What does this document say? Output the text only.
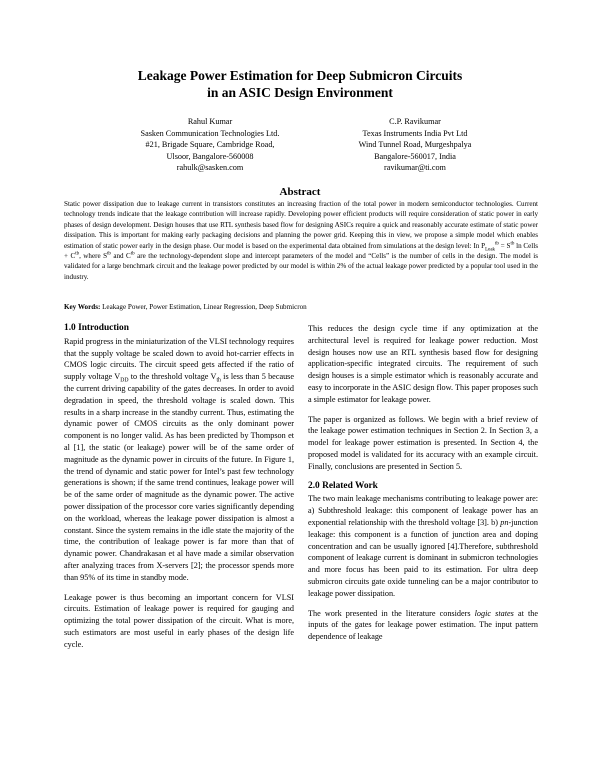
Leakage Power Estimation for Deep Submicron Circuits
in an ASIC Design Environment
Rahul Kumar
Sasken Communication Technologies Ltd.
#21, Brigade Square, Cambridge Road,
Ulsoor, Bangalore-560008
rahulk@sasken.com
C.P. Ravikumar
Texas Instruments India Pvt Ltd
Wind Tunnel Road, Murgeshpalya
Bangalore-560017, India
ravikumar@ti.com
Abstract
Static power dissipation due to leakage current in transistors constitutes an increasing fraction of the total power in modern semiconductor technologies. Current technology trends indicate that the leakage contribution will increase rapidly. Developing power efficient products will require consideration of static power in early phases of design development. Design houses that use RTL synthesis based flow for designing ASICs require a quick and reasonably accurate estimate of static power dissipation. This is important for making early packaging decisions and planning the power grid. Keeping this in view, we propose a simple model which enables estimation of static power early in the design phase. Our model is based on the experimental data obtained from simulations at the design level: In $P_{Leak}^{tb} = S^{tb}$ ln Cells + $C^{tb}$, where $S^{tb}$ and $C^{tb}$ are the technology-dependent slope and intercept parameters of the model and “Cells” is the number of cells in the design. The model is validated for a large benchmark circuit and the leakage power predicted by our model is within 2% of the actual leakage power predicted by a popular tool used in the industry.
Key Words: Leakage Power, Power Estimation, Linear Regression, Deep Submicron
1.0 Introduction

Rapid progress in the miniaturization of the VLSI technology requires that the supply voltage be scaled down to avoid hot-carrier effects in CMOS logic circuits. The circuit speed gets affected if the ratio of supply voltage $V_{DD}$ to the threshold voltage $V_{th}$ is less than 5 because the current driving capability of the gates decreases. In order to avoid degradation in speed, the threshold voltage is scaled down. This results in a sharp increase in the standby current. Thus, estimating the dynamic power of CMOS circuits as the only dominant power component is no longer valid. As has been predicted by Thompson et al [1], the static (or leakage) power will be of the same order of magnitude as the dynamic power in circuits of the future. In Figure 1, the trend of dynamic and static power for Intel’s past few technology generations is shown; if the same trend continues, leakage power will be of the same order of magnitude as the dynamic power. The active power dissipation of the processor core varies significantly depending on the workload, whereas the leakage power dissipation is almost a constant. Since the system remains in the idle state the majority of the time, the contribution of leakage power is far more than that of dynamic power. Chandrakasan et al have made a similar observation after analyzing traces from X-servers [2]; the processor spends more than 95% of its time in standby mode.

Leakage power is thus becoming an important concern for VLSI circuits. Estimation of leakage power is required for gauging and optimizing the total power dissipation of the circuit. What is more, such estimators are most useful in early phases of the design life cycle.

This reduces the design cycle time if any optimization at the architectural level is required for leakage power reduction. Most design houses now use an RTL synthesis based flow for designing application-specific integrated circuits. The requirement of such design houses is a simple estimator which is reasonably accurate and easy to incorporate in the ASIC design flow. This paper proposes such a simple estimator for leakage power.

The paper is organized as follows. We begin with a brief review of the leakage power estimation techniques in Section 2. In Section 3, a model for leakage power estimation is presented. In Section 4, the proposed model is validated for its accuracy with an example circuit. Finally, conclusions are presented in Section 5.

2.0 Related Work

The two main leakage mechanisms contributing to leakage power are: a) Subthreshold leakage: this component of leakage power has an exponential relationship with the threshold voltage [3]. b) pn-junction leakage: this component is a function of junction area and doping concentration and can be usually ignored [4].Therefore, subthreshold component of leakage current is dominant in submicron technologies and more focus has been paid to its estimation. For ultra deep submicron circuits gate oxide tunneling can be a major contributor to leakage power dissipation.

The work presented in the literature considers logic states at the inputs of the gates for leakage power estimation. The input pattern dependence of leakage
